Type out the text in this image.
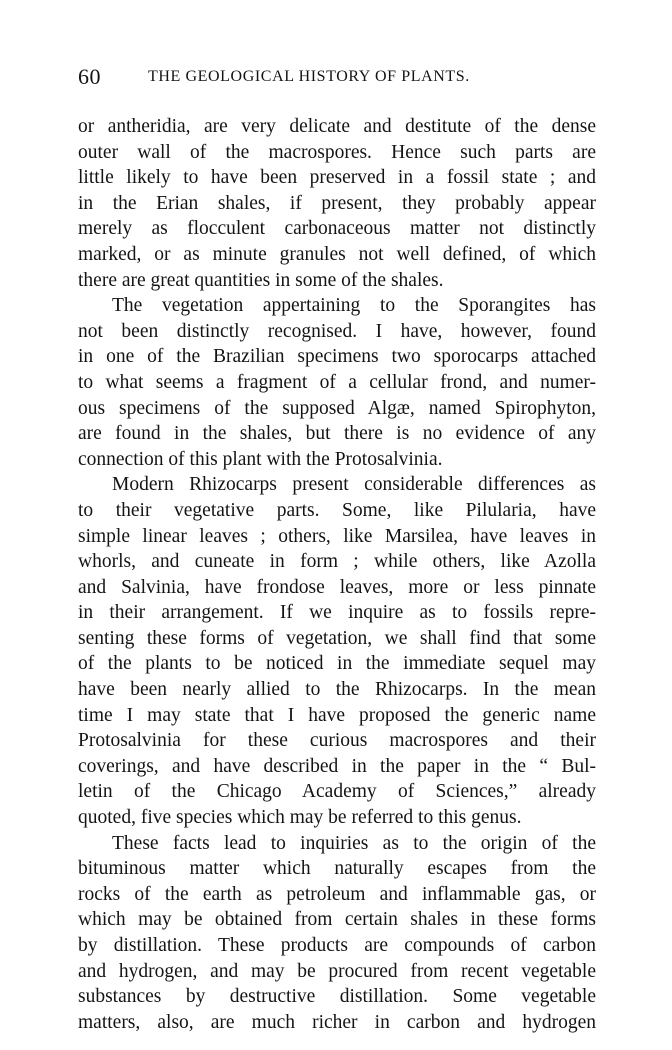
60	THE GEOLOGICAL HISTORY OF PLANTS.
or antheridia, are very delicate and destitute of the dense
outer wall of the macrospores. Hence such parts are
little likely to have been preserved in a fossil state ; and
in the Erian shales, if present, they probably appear
merely as flocculent carbonaceous matter not distinctly
marked, or as minute granules not well defined, of which
there are great quantities in some of the shales.
The vegetation appertaining to the Sporangites has
not been distinctly recognised. I have, however, found
in one of the Brazilian specimens two sporocarps attached
to what seems a fragment of a cellular frond, and numer-
ous specimens of the supposed Algæ, named Spirophyton,
are found in the shales, but there is no evidence of any
connection of this plant with the Protosalvinia.
Modern Rhizocarps present considerable differences as
to their vegetative parts. Some, like Pilularia, have
simple linear leaves ; others, like Marsilea, have leaves in
whorls, and cuneate in form ; while others, like Azolla
and Salvinia, have frondose leaves, more or less pinnate
in their arrangement. If we inquire as to fossils repre-
senting these forms of vegetation, we shall find that some
of the plants to be noticed in the immediate sequel may
have been nearly allied to the Rhizocarps. In the mean
time I may state that I have proposed the generic name
Protosalvinia for these curious macrospores and their
coverings, and have described in the paper in the “ Bul-
letin of the Chicago Academy of Sciences,” already
quoted, five species which may be referred to this genus.
These facts lead to inquiries as to the origin of the
bituminous matter which naturally escapes from the
rocks of the earth as petroleum and inflammable gas, or
which may be obtained from certain shales in these forms
by distillation. These products are compounds of carbon
and hydrogen, and may be procured from recent vegetable
substances by destructive distillation. Some vegetable
matters, also, are much richer in carbon and hydrogen
